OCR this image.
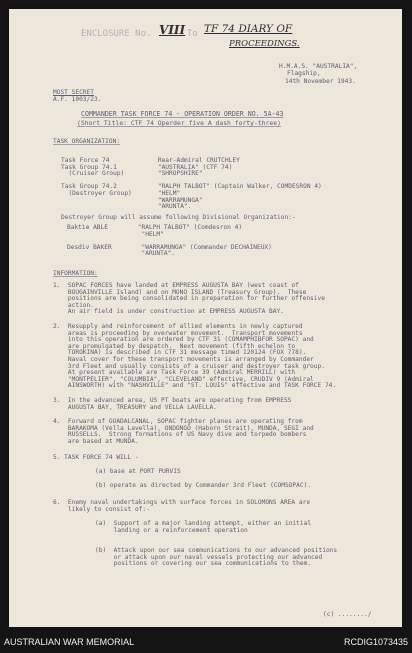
ENCLOSURE No. VIII To TF 74 DIARY OF
PROCEEDINGS.
H.M.A.S. "AUSTRALIA",
Flagship,
14th November 1943.
MOST SECRET
A.F. 1003/23.
COMMANDER TASK FORCE 74 - OPERATION ORDER NO. 5A-43
(Short Title: CTF 74 Operder five A dash forty-three)
TASK ORGANIZATION:
Task Force 74             Rear-Admiral CRUTCHLEY
Task Group 74.1           "AUSTRALIA" (CTF 74)
(Cruiser Group)         "SHROPSHIRE"

Task Group 74.2           "RALPH TALBOT" (Captain Walker, COMDESRON 4)
(Destroyer Group)       "HELM"
"WARRAMUNGA"
"ARUNTA".
Destroyer Group will assume following Divisional Organization:-
Baktie ABLE        "RALPH TALBOT" (Comdesron 4)
"HELM"

Desdiv BAKER        "WARRAMUNGA" (Commander DECHAINEUX)
"ARUNTA".
INFORMATION:
1.  SOPAC FORCES have landed at EMPRESS AUGUSTA BAY (west coast of
BOUGAINVILLE Island) and on MONO ISLAND (Treasury Group).  These
positions are being consolidated in preparation for further offensive
action.
An air field is under construction at EMPRESS AUGUSTA BAY.
2.  Resupply and reinforcement of allied elements in newly captured
areas is proceeding by overwater movement.  Transport movements
into this operation are ordered by CTF 31 (COMAMPHIBFOR SOPAC) and
are promulgated by despatch.  Next movement (fifth echelon to
TOROKINA) is described in CTF 31 message timed 120124 (FOX 778).
Naval cover for these transport movements is arranged by Commander
3rd Fleet and usually consists of a cruiser and destroyer task group.
At present available are Task Force 39 (Admiral MERRILL) with
"MONTPELIER", "COLUMBIA", "CLEVELAND" effective, CRUDIV 9 (Admiral
AINSWORTH) with "NASHVILLE" and "ST. LOUIS" effective and TASK FORCE 74.
3.  In the advanced area, US PT boats are operating from EMPRESS
AUGUSTA BAY, TREASURY and VELLA LAVELLA.
4.  Forward of GUADALCANAL, SOPAC fighter planes are operating from
BARAKOMA (Vella Lavella), ONDONGO (Haborn Strait), MUNDA, SEGI and
RUSSELLS.  Strong formations of US Navy dive and torpedo bombers
are based at MUNDA.
5. TASK FORCE 74 WILL -
(a) base at PORT PURVIS
(b) operate as directed by Commander 3rd Fleet (COMSOPAC).
6.  Enemy naval undertakings with surface forces in SOLOMONS AREA are
likely to consist of:-
(a)  Support of a major landing attempt, either an initial
landing or a reinforcement operation
(b)  Attack upon our sea communications to our advanced positions
or attack upon our naval vessels protecting our advanced
positions or covering our sea communications to them.
(c) ......../
AUSTRALIAN WAR MEMORIAL	RCDIG1073435
